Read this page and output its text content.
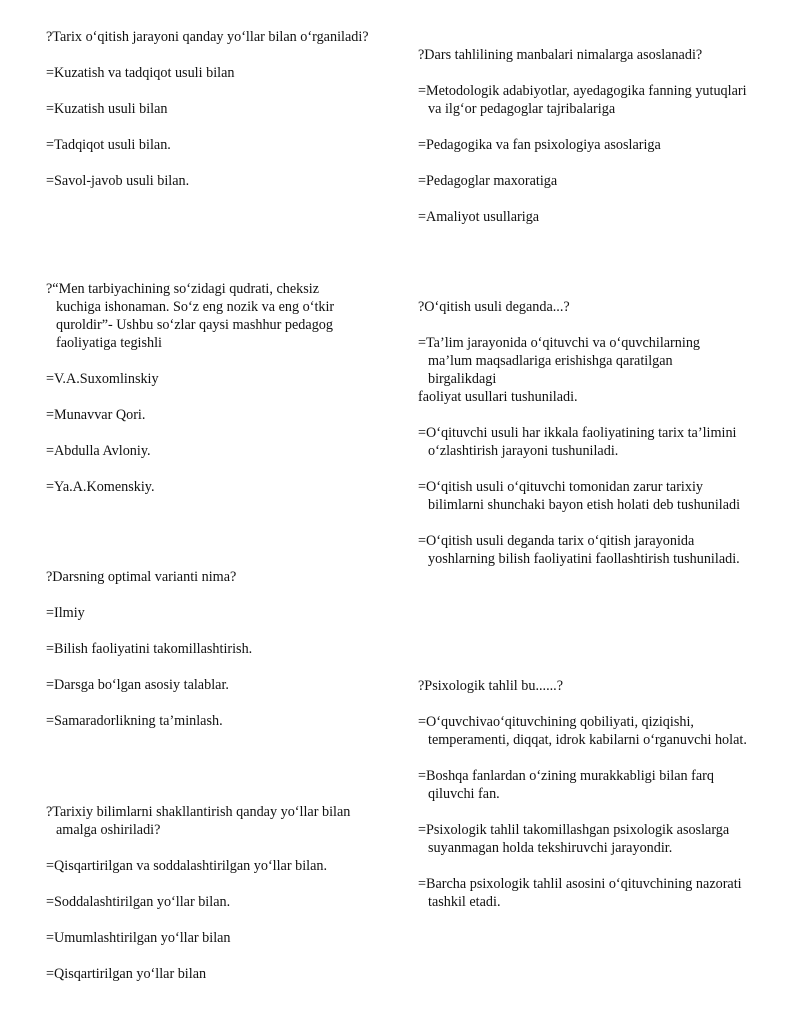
?Tarix o‘qitish jarayoni qanday yo‘llar bilan o‘rganiladi?

=Kuzatish va tadqiqot usuli bilan

=Kuzatish usuli bilan

=Tadqiqot usuli bilan.

=Savol-javob usuli bilan.

?“Men tarbiyachining so‘zidagi qudrati, cheksiz kuchiga ishonaman. So‘z eng nozik va eng o‘tkir quroldir”- Ushbu so‘zlar qaysi mashhur pedagog faoliyatiga tegishli

=V.A.Suxomlinskiy

=Munavvar Qori.

=Abdulla Avloniy.

=Ya.A.Komenskiy.

?Darsning optimal varianti nima?

=Ilmiy

=Bilish faoliyatini takomillashtirish.

=Darsga bo‘lgan asosiy talablar.

=Samaradorlikning ta’minlash.

?Tarixiy bilimlarni shakllantirish qanday yo‘llar bilan amalga oshiriladi?

=Qisqartirilgan va soddalashtirilgan yo‘llar bilan.

=Soddalashtirilgan yo‘llar bilan.

=Umumlashtirilgan yo‘llar bilan

=Qisqartirilgan yo‘llar bilan

?Dars tahlilining manbalari nimalarga asoslanadi?

=Metodologik adabiyotlar, ayedagogika fanning yutuqlari va ilg‘or pedagoglar tajribalariga

=Pedagogika va fan psixologiya asoslariga

=Pedagoglar maxoratiga

=Amaliyot usullariga

?O‘qitish usuli deganda...?

=Ta’lim jarayonida o‘qituvchi va o‘quvchilarning
ma’lum maqsadlariga erishishga qaratilgan
birgalikdagi
faoliyat usullari tushuniladi.

=O‘qituvchi usuli har ikkala faoliyatining tarix ta’limini o‘zlashtirish jarayoni tushuniladi.

=O‘qitish usuli o‘qituvchi tomonidan zarur tarixiy bilimlarni shunchaki bayon etish holati deb tushuniladi

=O‘qitish usuli deganda tarix o‘qitish jarayonida yoshlarning bilish faoliyatini faollashtirish tushuniladi.

?Psixologik tahlil bu......?

=O‘quvchivao‘qituvchining qobiliyati, qiziqishi, temperamenti, diqqat, idrok kabilarni o‘rganuvchi holat.

=Boshqa fanlardan o‘zining murakkabligi bilan farq qiluvchi fan.

=Psixologik tahlil takomillashgan psixologik asoslarga suyanmagan holda tekshiruvchi jarayondir.

=Barcha psixologik tahlil asosini o‘qituvchining nazorati tashkil etadi.
